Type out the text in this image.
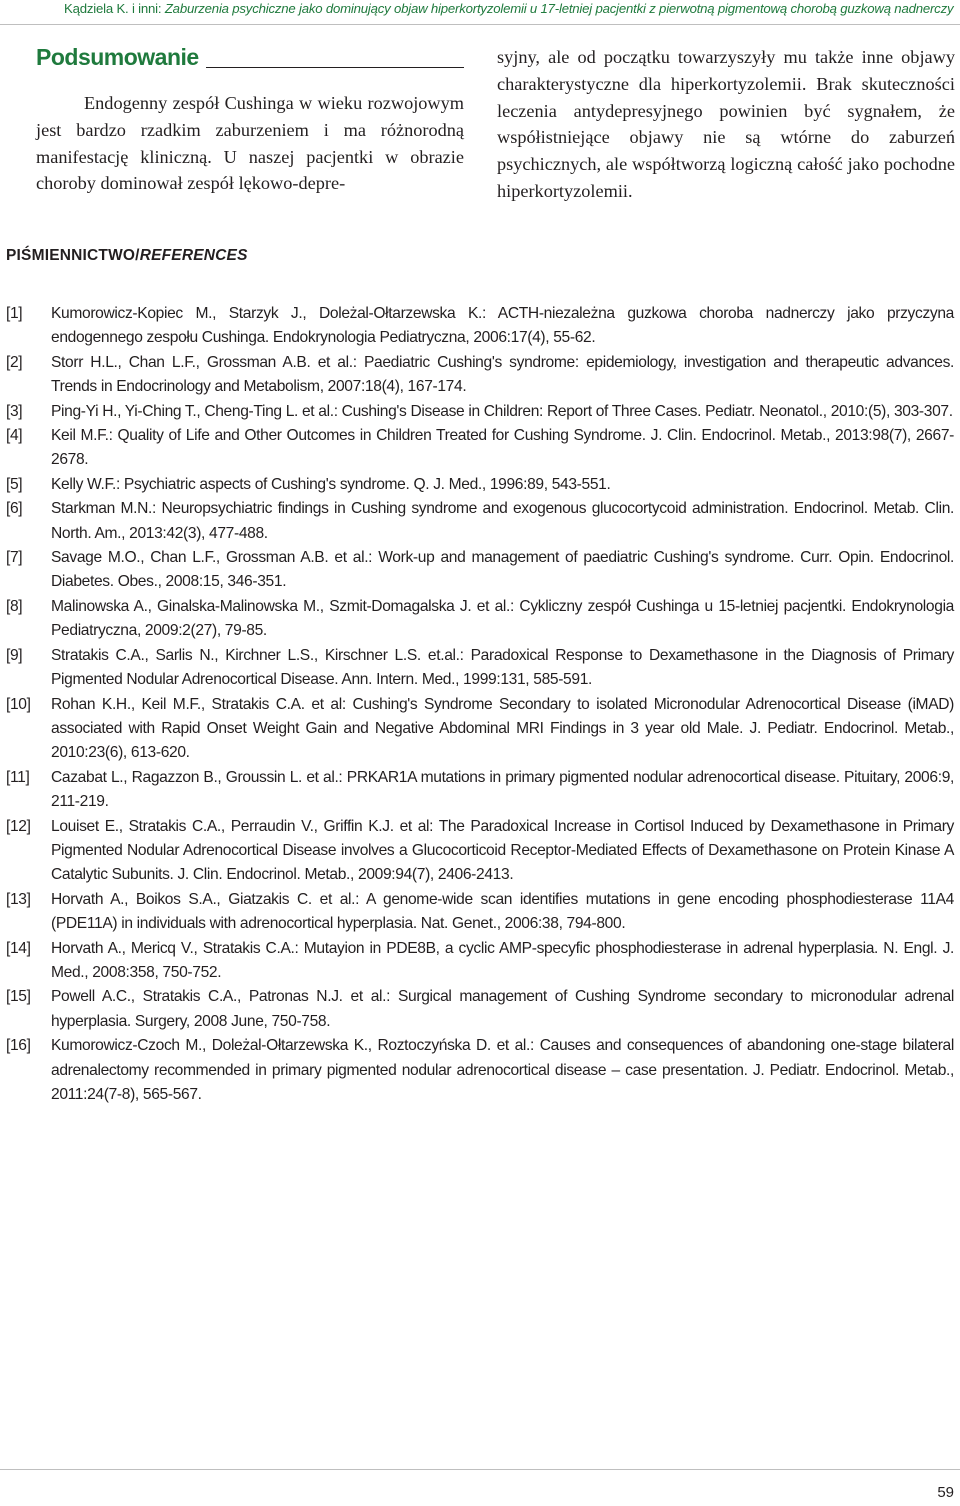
Kądziela K. i inni: Zaburzenia psychiczne jako dominujący objaw hiperkortyzolemii u 17-letniej pacjentki z pierwotną pigmentową chorobą guzkową nadnerczy
Podsumowanie

Endogenny zespół Cushinga w wieku rozwojowym jest bardzo rzadkim zaburzeniem i ma różnorodną manifestację kliniczną. U naszej pacjentki w obrazie choroby dominował zespół lękowo-depre-

syjny, ale od początku towarzyszyły mu także inne objawy charakterystyczne dla hiperkortyzolemii. Brak skuteczności leczenia antydepresyjnego powinien być sygnałem, że współistniejące objawy nie są wtórne do zaburzeń psychicznych, ale współtworzą logiczną całość jako pochodne hiperkortyzolemii.

PIŚMIENNICTWO/REFERENCES
[1] Kumorowicz-Kopiec M., Starzyk J., Doleżal-Ołtarzewska K.: ACTH-niezależna guzkowa choroba nadnerczy jako przyczyna endogennego zespołu Cushinga. Endokrynologia Pediatryczna, 2006:17(4), 55-62.
[2] Storr H.L., Chan L.F., Grossman A.B. et al.: Paediatric Cushing's syndrome: epidemiology, investigation and therapeutic advances. Trends in Endocrinology and Metabolism, 2007:18(4), 167-174.
[3] Ping-Yi H., Yi-Ching T., Cheng-Ting L. et al.: Cushing's Disease in Children: Report of Three Cases. Pediatr. Neonatol., 2010:(5), 303-307.
[4] Keil M.F.: Quality of Life and Other Outcomes in Children Treated for Cushing Syndrome. J. Clin. Endocrinol. Metab., 2013:98(7), 2667-2678.
[5] Kelly W.F.: Psychiatric aspects of Cushing's syndrome. Q. J. Med., 1996:89, 543-551.
[6] Starkman M.N.: Neuropsychiatric findings in Cushing syndrome and exogenous glucocortycoid administration. Endocrinol. Metab. Clin. North. Am., 2013:42(3), 477-488.
[7] Savage M.O., Chan L.F., Grossman A.B. et al.: Work-up and management of paediatric Cushing's syndrome. Curr. Opin. Endocrinol. Diabetes. Obes., 2008:15, 346-351.
[8] Malinowska A., Ginalska-Malinowska M., Szmit-Domagalska J. et al.: Cykliczny zespół Cushinga u 15-letniej pacjentki. Endokrynologia Pediatryczna, 2009:2(27), 79-85.
[9] Stratakis C.A., Sarlis N., Kirchner L.S., Kirschner L.S. et.al.: Paradoxical Response to Dexamethasone in the Diagnosis of Primary Pigmented Nodular Adrenocortical Disease. Ann. Intern. Med., 1999:131, 585-591.
[10] Rohan K.H., Keil M.F., Stratakis C.A. et al: Cushing's Syndrome Secondary to isolated Micronodular Adrenocortical Disease (iMAD) associated with Rapid Onset Weight Gain and Negative Abdominal MRI Findings in 3 year old Male. J. Pediatr. Endocrinol. Metab., 2010:23(6), 613-620.
[11] Cazabat L., Ragazzon B., Groussin L. et al.: PRKAR1A mutations in primary pigmented nodular adrenocortical disease. Pituitary, 2006:9, 211-219.
[12] Louiset E., Stratakis C.A., Perraudin V., Griffin K.J. et al: The Paradoxical Increase in Cortisol Induced by Dexamethasone in Primary Pigmented Nodular Adrenocortical Disease involves a Glucocorticoid Receptor-Mediated Effects of Dexamethasone on Protein Kinase A Catalytic Subunits. J. Clin. Endocrinol. Metab., 2009:94(7), 2406-2413.
[13] Horvath A., Boikos S.A., Giatzakis C. et al.: A genome-wide scan identifies mutations in gene encoding phosphodiesterase 11A4 (PDE11A) in individuals with adrenocortical hyperplasia. Nat. Genet., 2006:38, 794-800.
[14] Horvath A., Mericq V., Stratakis C.A.: Mutayion in PDE8B, a cyclic AMP-specyfic phosphodiesterase in adrenal hyperplasia. N. Engl. J. Med., 2008:358, 750-752.
[15] Powell A.C., Stratakis C.A., Patronas N.J. et al.: Surgical management of Cushing Syndrome secondary to micronodular adrenal hyperplasia. Surgery, 2008 June, 750-758.
[16] Kumorowicz-Czoch M., Doleżal-Ołtarzewska K., Roztoczyńska D. et al.: Causes and consequences of abandoning one-stage bilateral adrenalectomy recommended in primary pigmented nodular adrenocortical disease – case presentation. J. Pediatr. Endocrinol. Metab., 2011:24(7-8), 565-567.
59
